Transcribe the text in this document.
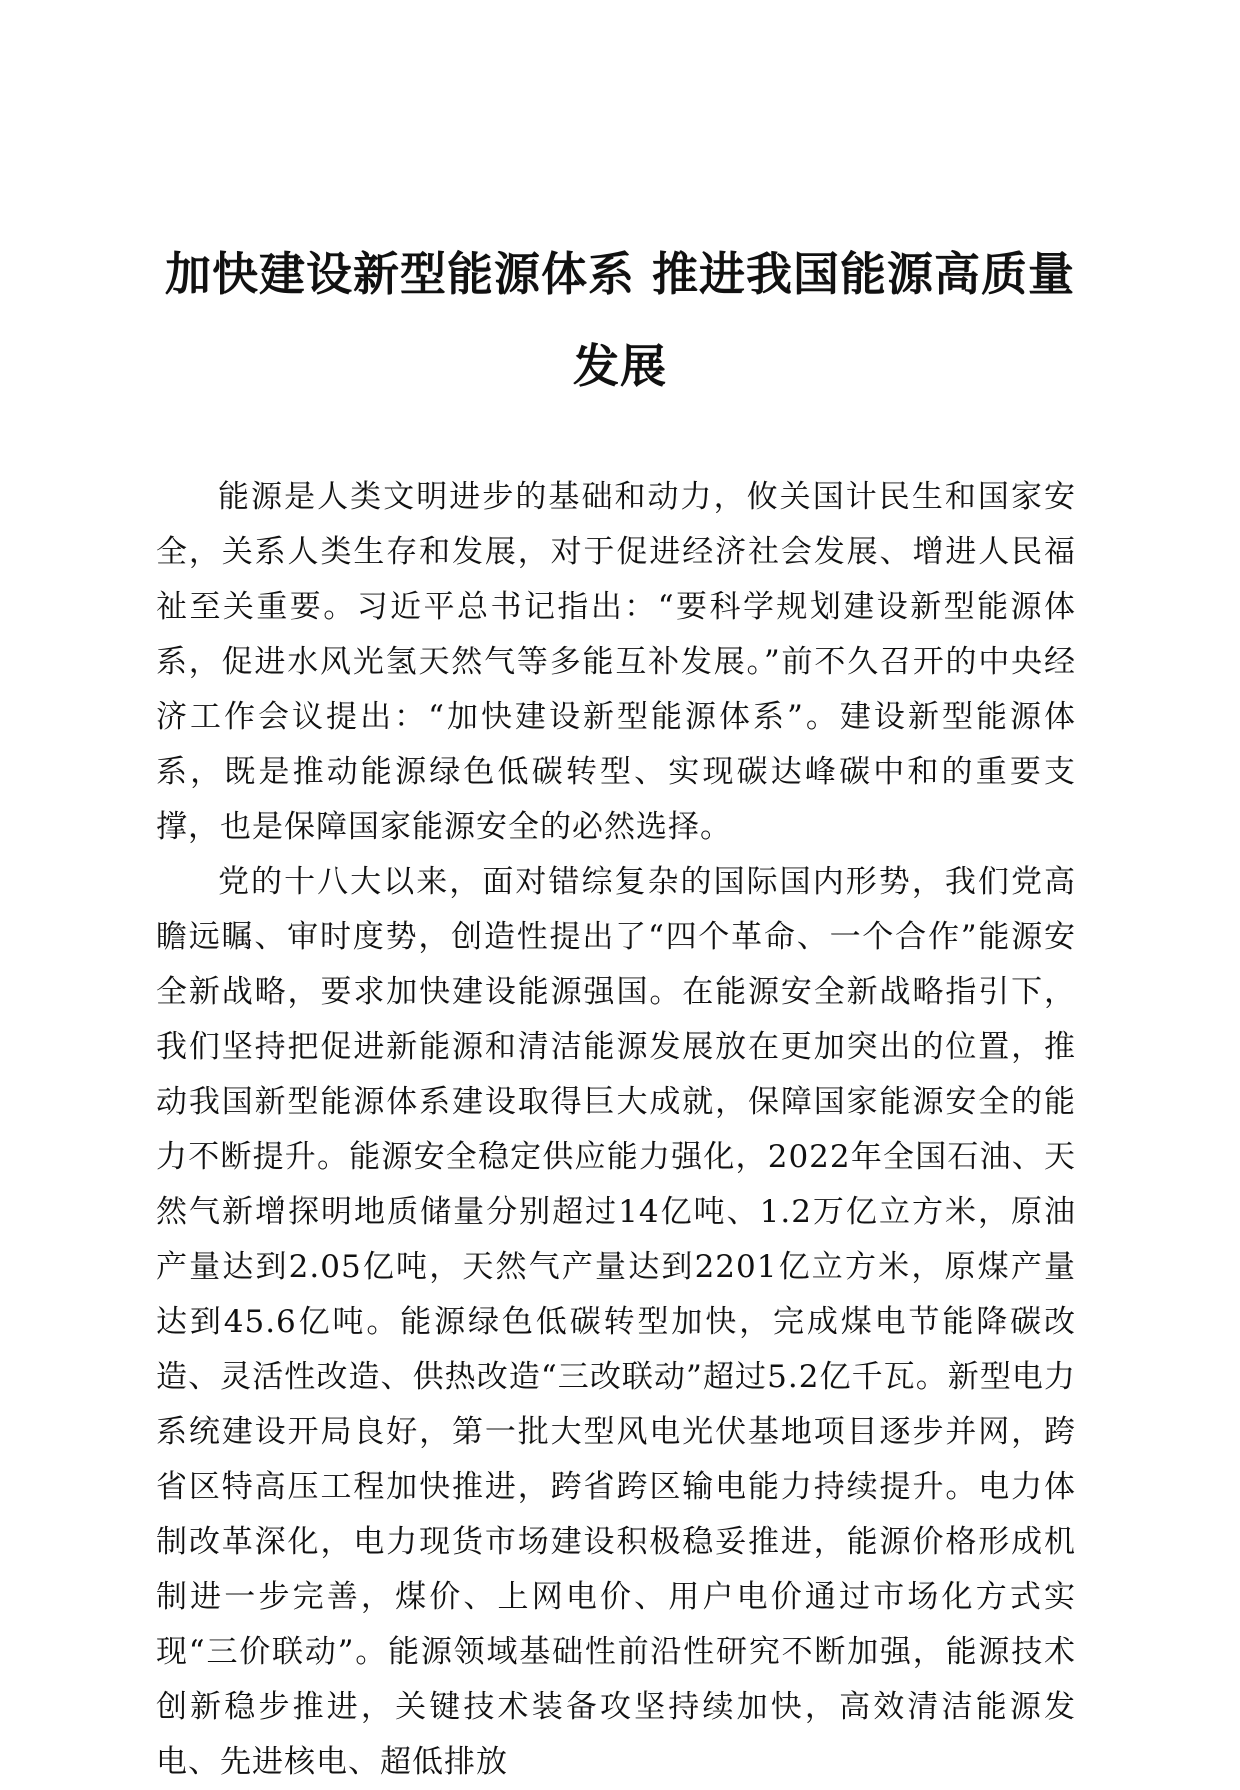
加快建设新型能源体系 推进我国能源高质量发展

能源是人类文明进步的基础和动力，攸关国计民生和国家安全，关系人类生存和发展，对于促进经济社会发展、增进人民福祉至关重要。习近平总书记指出：“要科学规划建设新型能源体系，促进水风光氢天然气等多能互补发展。”前不久召开的中央经济工作会议提出：“加快建设新型能源体系”。建设新型能源体系，既是推动能源绿色低碳转型、实现碳达峰碳中和的重要支撑，也是保障国家能源安全的必然选择。

党的十八大以来，面对错综复杂的国际国内形势，我们党高瞻远瞩、审时度势，创造性提出了“四个革命、一个合作”能源安全新战略，要求加快建设能源强国。在能源安全新战略指引下，我们坚持把促进新能源和清洁能源发展放在更加突出的位置，推动我国新型能源体系建设取得巨大成就，保障国家能源安全的能力不断提升。能源安全稳定供应能力强化，2022年全国石油、天然气新增探明地质储量分别超过14亿吨、1.2万亿立方米，原油产量达到2.05亿吨，天然气产量达到2201亿立方米，原煤产量达到45.6亿吨。能源绿色低碳转型加快，完成煤电节能降碳改造、灵活性改造、供热改造“三改联动”超过5.2亿千瓦。新型电力系统建设开局良好，第一批大型风电光伏基地项目逐步并网，跨省区特高压工程加快推进，跨省跨区输电能力持续提升。电力体制改革深化，电力现货市场建设积极稳妥推进，能源价格形成机制进一步完善，煤价、上网电价、用户电价通过市场化方式实现“三价联动”。能源领域基础性前沿性研究不断加强，能源技术创新稳步推进，关键技术装备攻坚持续加快，高效清洁能源发电、先进核电、超低排放
